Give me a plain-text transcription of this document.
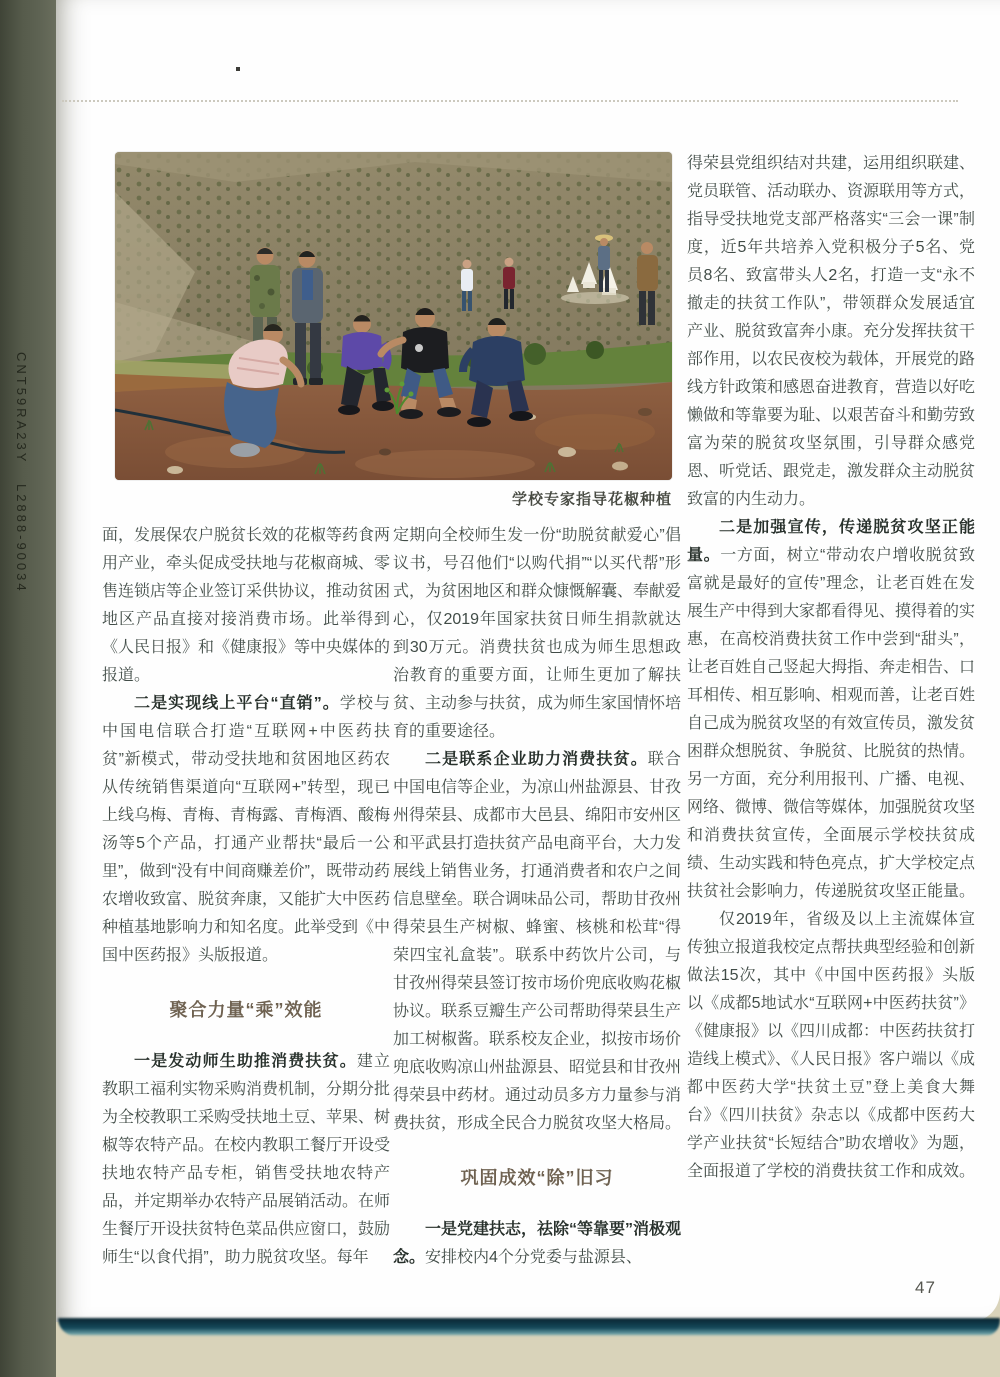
CNT59RA23Y   L2888-90034	学校专家指导花椒种植

面，发展保农户脱贫长效的花椒等药食两用产业，牵头促成受扶地与花椒商城、零售连锁店等企业签订采供协议，推动贫困地区产品直接对接消费市场。此举得到《人民日报》和《健康报》等中央媒体的报道。

二是实现线上平台“直销”。学校与中国电信联合打造“互联网+中医药扶贫”新模式，带动受扶地和贫困地区药农从传统销售渠道向“互联网+”转型，现已上线乌梅、青梅、青梅露、青梅酒、酸梅汤等5个产品，打通产业帮扶“最后一公里”，做到“没有中间商赚差价”，既带动药农增收致富、脱贫奔康，又能扩大中医药种植基地影响力和知名度。此举受到《中国中医药报》头版报道。

聚合力量“乘”效能

一是发动师生助推消费扶贫。建立教职工福利实物采购消费机制，分期分批为全校教职工采购受扶地土豆、苹果、树椒等农特产品。在校内教职工餐厅开设受扶地农特产品专柜，销售受扶地农特产品，并定期举办农特产品展销活动。在师生餐厅开设扶贫特色菜品供应窗口，鼓励师生“以食代捐”，助力脱贫攻坚。每年

定期向全校师生发一份“助脱贫献爱心”倡议书，号召他们“以购代捐”“以买代帮”形式，为贫困地区和群众慷慨解囊、奉献爱心，仅2019年国家扶贫日师生捐款就达到30万元。消费扶贫也成为师生思想政治教育的重要方面，让师生更加了解扶贫、主动参与扶贫，成为师生家国情怀培育的重要途径。

二是联系企业助力消费扶贫。联合中国电信等企业，为凉山州盐源县、甘孜州得荣县、成都市大邑县、绵阳市安州区和平武县打造扶贫产品电商平台，大力发展线上销售业务，打通消费者和农户之间信息壁垒。联合调味品公司，帮助甘孜州得荣县生产树椒、蜂蜜、核桃和松茸“得荣四宝礼盒装”。联系中药饮片公司，与甘孜州得荣县签订按市场价兜底收购花椒协议。联系豆瓣生产公司帮助得荣县生产加工树椒酱。联系校友企业，拟按市场价兜底收购凉山州盐源县、昭觉县和甘孜州得荣县中药材。通过动员多方力量参与消费扶贫，形成全民合力脱贫攻坚大格局。

巩固成效“除”旧习

一是党建扶志，祛除“等靠要”消极观念。安排校内4个分党委与盐源县、

得荣县党组织结对共建，运用组织联建、党员联管、活动联办、资源联用等方式，指导受扶地党支部严格落实“三会一课”制度，近5年共培养入党积极分子5名、党员8名、致富带头人2名，打造一支“永不撤走的扶贫工作队”，带领群众发展适宜产业、脱贫致富奔小康。充分发挥扶贫干部作用，以农民夜校为载体，开展党的路线方针政策和感恩奋进教育，营造以好吃懒做和等靠要为耻、以艰苦奋斗和勤劳致富为荣的脱贫攻坚氛围，引导群众感党恩、听党话、跟党走，激发群众主动脱贫致富的内生动力。

二是加强宣传，传递脱贫攻坚正能量。一方面，树立“带动农户增收脱贫致富就是最好的宣传”理念，让老百姓在发展生产中得到大家都看得见、摸得着的实惠，在高校消费扶贫工作中尝到“甜头”，让老百姓自己竖起大拇指、奔走相告、口耳相传、相互影响、相观而善，让老百姓自己成为脱贫攻坚的有效宣传员，激发贫困群众想脱贫、争脱贫、比脱贫的热情。另一方面，充分利用报刊、广播、电视、网络、微博、微信等媒体，加强脱贫攻坚和消费扶贫宣传，全面展示学校扶贫成绩、生动实践和特色亮点，扩大学校定点扶贫社会影响力，传递脱贫攻坚正能量。

仅2019年，省级及以上主流媒体宣传独立报道我校定点帮扶典型经验和创新做法15次，其中《中国中医药报》头版以《成都5地试水“互联网+中医药扶贫”》《健康报》以《四川成都：中医药扶贫打造线上模式》、《人民日报》客户端以《成都中医药大学“扶贫土豆”登上美食大舞台》《四川扶贫》杂志以《成都中医药大学产业扶贫“长短结合”助农增收》为题，全面报道了学校的消费扶贫工作和成效。

47
